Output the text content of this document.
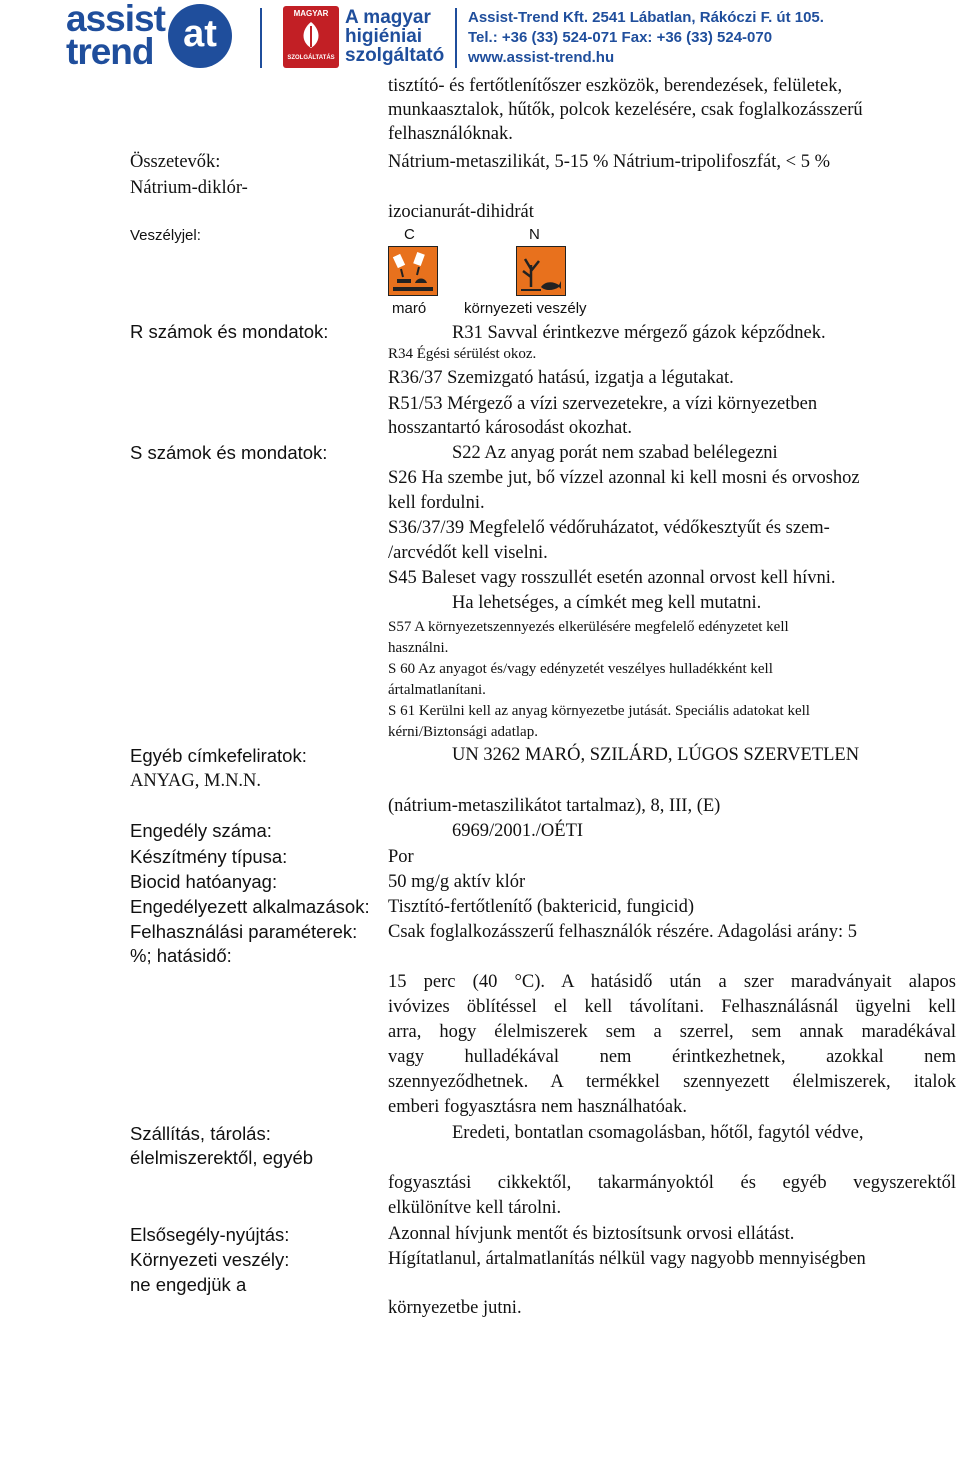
assist
trend at	MAGYAR
SZOLGÁLTATÁS
A magyar
higiéniai
szolgáltató
Assist-Trend Kft. 2541 Lábatlan, Rákóczi F. út 105.
Tel.: +36 (33) 524-071 Fax: +36 (33) 524-070
www.assist-trend.hu
tisztító- és fertőtlenítőszer eszközök, berendezések, felületek,
munkaasztalok, hűtők, polcok kezelésére, csak foglalkozásszerű
felhasználóknak.
Összetevők:	Nátrium-metaszilikát, 5-15 % Nátrium-tripolifoszfát, < 5 %
Nátrium-diklór-
izocianurát-dihidrát
Veszélyjel:	C	N
maró	környezeti veszély
R számok és mondatok:	R31 Savval érintkezve mérgező gázok képződnek.
R34 Égési sérülést okoz.
R36/37 Szemizgató hatású, izgatja a légutakat.
R51/53 Mérgező a vízi szervezetekre, a vízi környezetben
hosszantartó károsodást okozhat.
S számok és mondatok:	S22 Az anyag porát nem szabad belélegezni
S26 Ha szembe jut, bő vízzel azonnal ki kell mosni és orvoshoz
kell fordulni.
S36/37/39 Megfelelő védőruházatot, védőkesztyűt és szem-
/arcvédőt kell viselni.
S45 Baleset vagy rosszullét esetén azonnal orvost kell hívni.
Ha lehetséges, a címkét meg kell mutatni.
S57 A környezetszennyezés elkerülésére megfelelő edényzetet kell
használni.
S 60 Az anyagot és/vagy edényzetét veszélyes hulladékként kell
ártalmatlanítani.
S 61 Kerülni kell az anyag környezetbe jutását. Speciális adatokat kell
kérni/Biztonsági adatlap.
Egyéb címkefeliratok:	UN 3262 MARÓ, SZILÁRD, LÚGOS SZERVETLEN
ANYAG, M.N.N.
(nátrium-metaszilikátot tartalmaz), 8, III, (E)
Engedély száma:	6969/2001./OÉTI
Készítmény típusa:	Por
Biocid hatóanyag:	50 mg/g aktív klór
Engedélyezett alkalmazások: Tisztító-fertőtlenítő (baktericid, fungicid)
Felhasználási paraméterek: Csak foglalkozásszerű felhasználók részére. Adagolási arány: 5
%; hatásidő:
15 perc (40 °C). A hatásidő után a szer maradványait alapos
ivóvizes öblítéssel el kell távolítani. Felhasználásnál ügyelni kell
arra, hogy élelmiszerek sem a szerrel, sem annak maradékával
vagy hulladékával nem érintkezhetnek, azokkal nem
szennyeződhetnek. A termékkel szennyezett élelmiszerek, italok
emberi fogyasztásra nem használhatóak.
Szállítás, tárolás:	Eredeti, bontatlan csomagolásban, hőtől, fagytól védve,
élelmiszerektől, egyéb
fogyasztási cikkektől, takarmányoktól és egyéb vegyszerektől
elkülönítve kell tárolni.
Elsősegély-nyújtás:	Azonnal hívjunk mentőt és biztosítsunk orvosi ellátást.
Környezeti veszély:	Hígítatlanul, ártalmatlanítás nélkül vagy nagyobb mennyiségben
ne engedjük a
környezetbe jutni.
